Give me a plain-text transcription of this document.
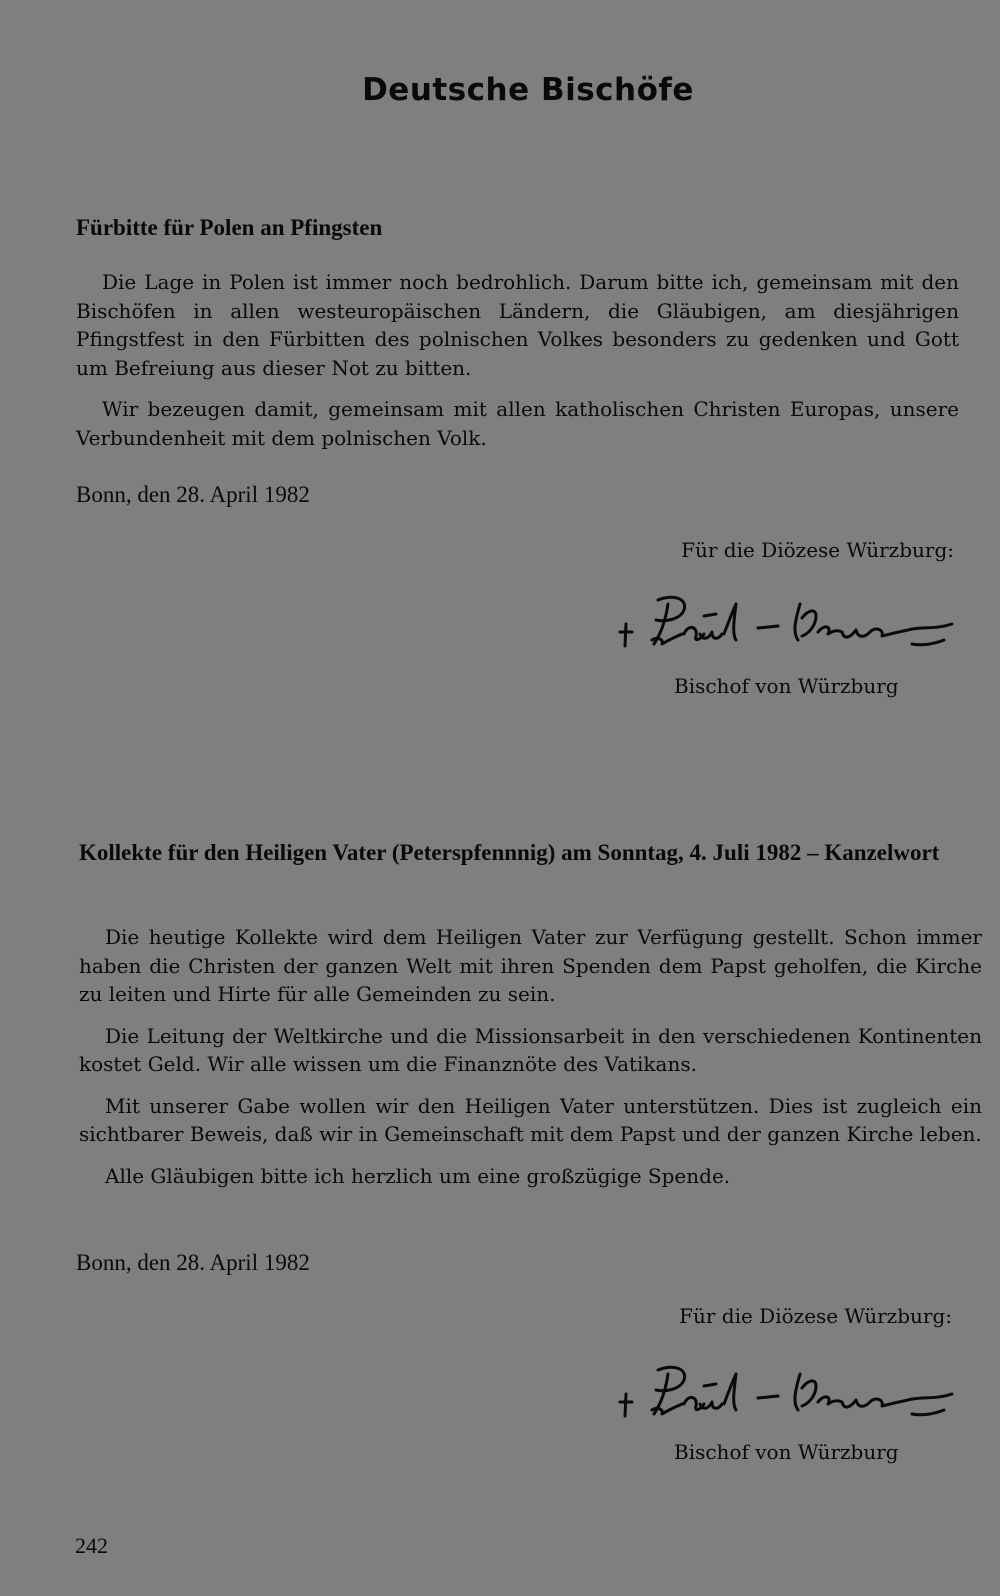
Deutsche Bischöfe
Fürbitte für Polen an Pfingsten

Die Lage in Polen ist immer noch bedrohlich. Darum bitte ich, gemeinsam mit den Bischöfen in allen westeuropäischen Ländern, die Gläubigen, am diesjährigen Pfingstfest in den Fürbitten des polnischen Volkes besonders zu gedenken und Gott um Befreiung aus dieser Not zu bitten.

Wir bezeugen damit, gemeinsam mit allen katholischen Christen Europas, unsere Verbundenheit mit dem polnischen Volk.

Bonn, den 28. April 1982
Für die Diözese Würzburg:
Bischof von Würzburg
Kollekte für den Heiligen Vater (Peterspfennnig) am Sonntag, 4. Juli 1982 – Kanzelwort

Die heutige Kollekte wird dem Heiligen Vater zur Verfügung gestellt. Schon immer haben die Christen der ganzen Welt mit ihren Spenden dem Papst geholfen, die Kirche zu leiten und Hirte für alle Gemeinden zu sein.

Die Leitung der Weltkirche und die Missionsarbeit in den verschiedenen Kontinenten kostet Geld. Wir alle wissen um die Finanznöte des Vatikans.

Mit unserer Gabe wollen wir den Heiligen Vater unterstützen. Dies ist zugleich ein sichtbarer Beweis, daß wir in Gemeinschaft mit dem Papst und der ganzen Kirche leben.

Alle Gläubigen bitte ich herzlich um eine großzügige Spende.

Bonn, den 28. April 1982
Für die Diözese Würzburg:
Bischof von Würzburg
242
